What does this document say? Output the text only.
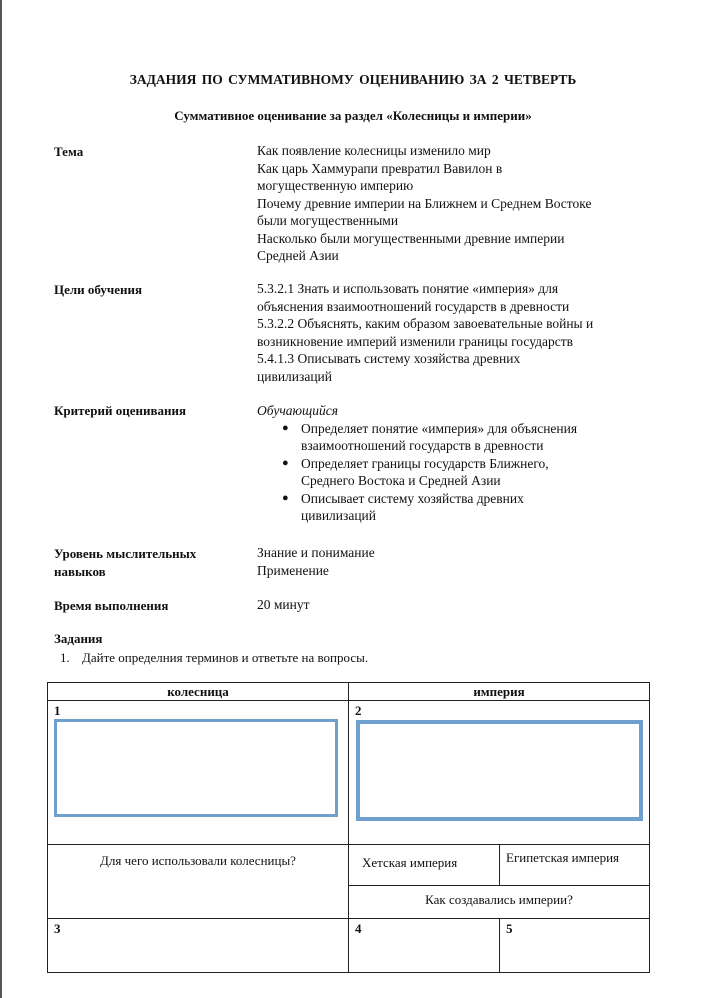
ЗАДАНИЯ ПО СУММАТИВНОМУ ОЦЕНИВАНИЮ ЗА 2 ЧЕТВЕРТЬ
Суммативное оценивание за раздел «Колесницы и империи»
Тема	Как появление колесницы изменило мир
Как царь Хаммурапи превратил Вавилон в
могущественную империю
Почему древние империи на Ближнем и Среднем Востоке
были могущественными
Насколько были могущественными древние империи
Средней Азии
Цели обучения	5.3.2.1 Знать и использовать понятие «империя» для
объяснения взаимоотношений государств в древности
5.3.2.2 Объяснять, каким образом завоевательные войны и
возникновение империй изменили границы государств
5.4.1.3 Описывать систему хозяйства древних
цивилизаций
Критерий оценивания	Обучающийся
● Определяет понятие «империя» для объяснения
взаимоотношений государств в древности
● Определяет границы государств Ближнего,
Среднего Востока и Средней Азии
● Описывает систему хозяйства древних
цивилизаций
Уровень мыслительных
навыков
Знание и понимание
Применение
Время выполнения	20 минут
Задания
1. Дайте определния терминов и ответьте на вопросы.
колесница	империя	

1	2	

Для чего использовали колесницы?	Хетская империя	Египетская империя

	Как создавались империи?	

3	4	5
